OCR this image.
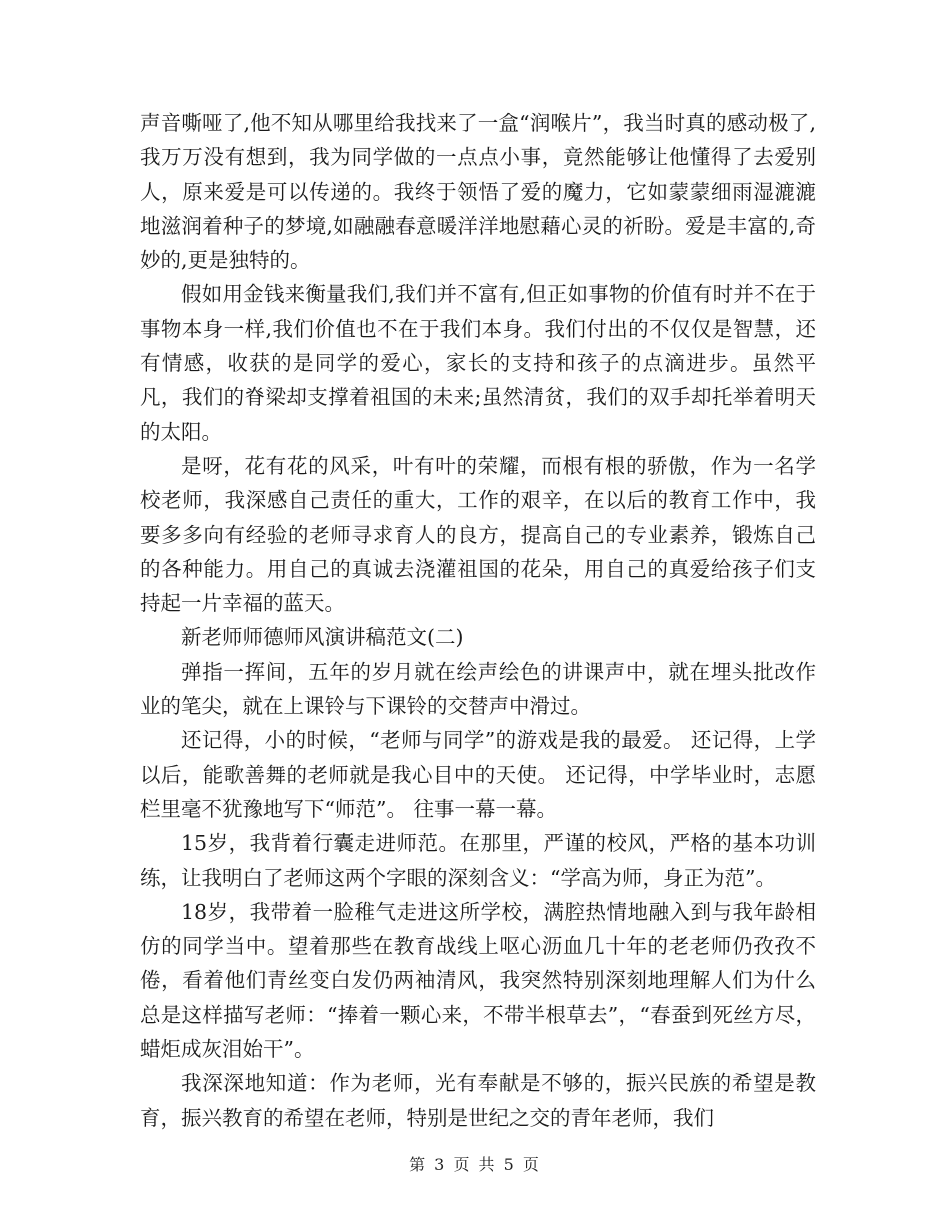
声音嘶哑了,他不知从哪里给我找来了一盒“润喉片”，我当时真的感动极了,我万万没有想到，我为同学做的一点点小事，竟然能够让他懂得了去爱别人，原来爱是可以传递的。我终于领悟了爱的魔力，它如蒙蒙细雨湿漉漉地滋润着种子的梦境,如融融春意暖洋洋地慰藉心灵的祈盼。爱是丰富的,奇妙的,更是独特的。

假如用金钱来衡量我们,我们并不富有,但正如事物的价值有时并不在于事物本身一样,我们价值也不在于我们本身。我们付出的不仅仅是智慧，还有情感，收获的是同学的爱心，家长的支持和孩子的点滴进步。虽然平凡，我们的脊梁却支撑着祖国的未来;虽然清贫，我们的双手却托举着明天的太阳。

是呀，花有花的风采，叶有叶的荣耀，而根有根的骄傲，作为一名学校老师，我深感自己责任的重大，工作的艰辛，在以后的教育工作中，我要多多向有经验的老师寻求育人的良方，提高自己的专业素养，锻炼自己的各种能力。用自己的真诚去浇灌祖国的花朵，用自己的真爱给孩子们支持起一片幸福的蓝天。

新老师师德师风演讲稿范文(二)

弹指一挥间，五年的岁月就在绘声绘色的讲课声中，就在埋头批改作业的笔尖，就在上课铃与下课铃的交替声中滑过。

还记得，小的时候，“老师与同学”的游戏是我的最爱。 还记得，上学以后，能歌善舞的老师就是我心目中的天使。 还记得，中学毕业时，志愿栏里毫不犹豫地写下“师范”。 往事一幕一幕。

15岁，我背着行囊走进师范。在那里，严谨的校风，严格的基本功训练，让我明白了老师这两个字眼的深刻含义：“学高为师，身正为范”。

18岁，我带着一脸稚气走进这所学校，满腔热情地融入到与我年龄相仿的同学当中。望着那些在教育战线上呕心沥血几十年的老老师仍孜孜不倦，看着他们青丝变白发仍两袖清风，我突然特别深刻地理解人们为什么总是这样描写老师：“捧着一颗心来，不带半根草去”，“春蚕到死丝方尽，蜡炬成灰泪始干”。

我深深地知道：作为老师，光有奉献是不够的，振兴民族的希望是教育，振兴教育的希望在老师，特别是世纪之交的青年老师，我们

第 3 页 共 5 页
